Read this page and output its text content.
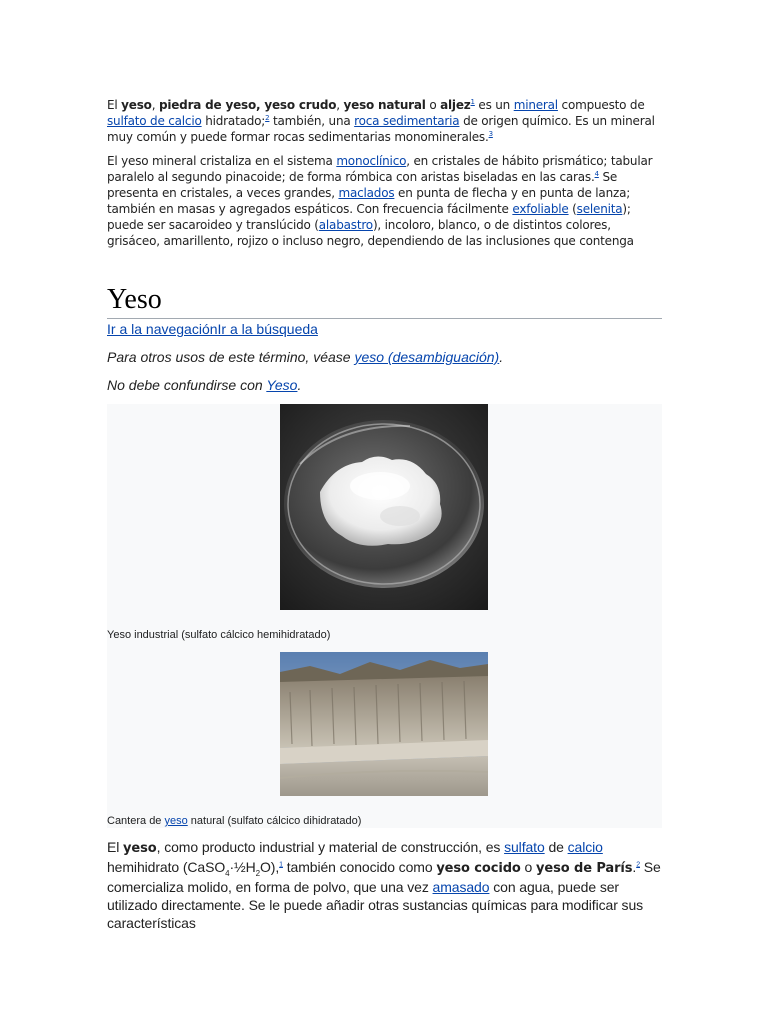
El yeso, piedra de yeso, yeso crudo, yeso natural o aljez$^1$ es un mineral compuesto de sulfato de calcio hidratado;$^2$ también, una roca sedimentaria de origen químico. Es un mineral muy común y puede formar rocas sedimentarias monominerales.$^3$

El yeso mineral cristaliza en el sistema monoclínico, en cristales de hábito prismático; tabular paralelo al segundo pinacoide; de forma rómbica con aristas biseladas en las caras.$^4$ Se presenta en cristales, a veces grandes, maclados en punta de flecha y en punta de lanza; también en masas y agregados espáticos. Con frecuencia fácilmente exfoliable (selenita); puede ser sacaroideo y translúcido (alabastro), incoloro, blanco, o de distintos colores, grisáceo, amarillento, rojizo o incluso negro, dependiendo de las inclusiones que contenga

Yeso
Ir a la navegaciónIr a la búsqueda

Para otros usos de este término, véase yeso (desambiguación).

No debe confundirse con Yeso.

Yeso industrial (sulfato cálcico hemihidratado)
Cantera de yeso natural (sulfato cálcico dihidratado)

El yeso, como producto industrial y material de construcción, es sulfato de calcio hemihidrato $(CaSO_4\cdot\frac{1}{2}H_2O),^1$ también conocido como yeso cocido o yeso de París.$^2$ Se comercializa molido, en forma de polvo, que una vez amasado con agua, puede ser utilizado directamente. Se le puede añadir otras sustancias químicas para modificar sus características
